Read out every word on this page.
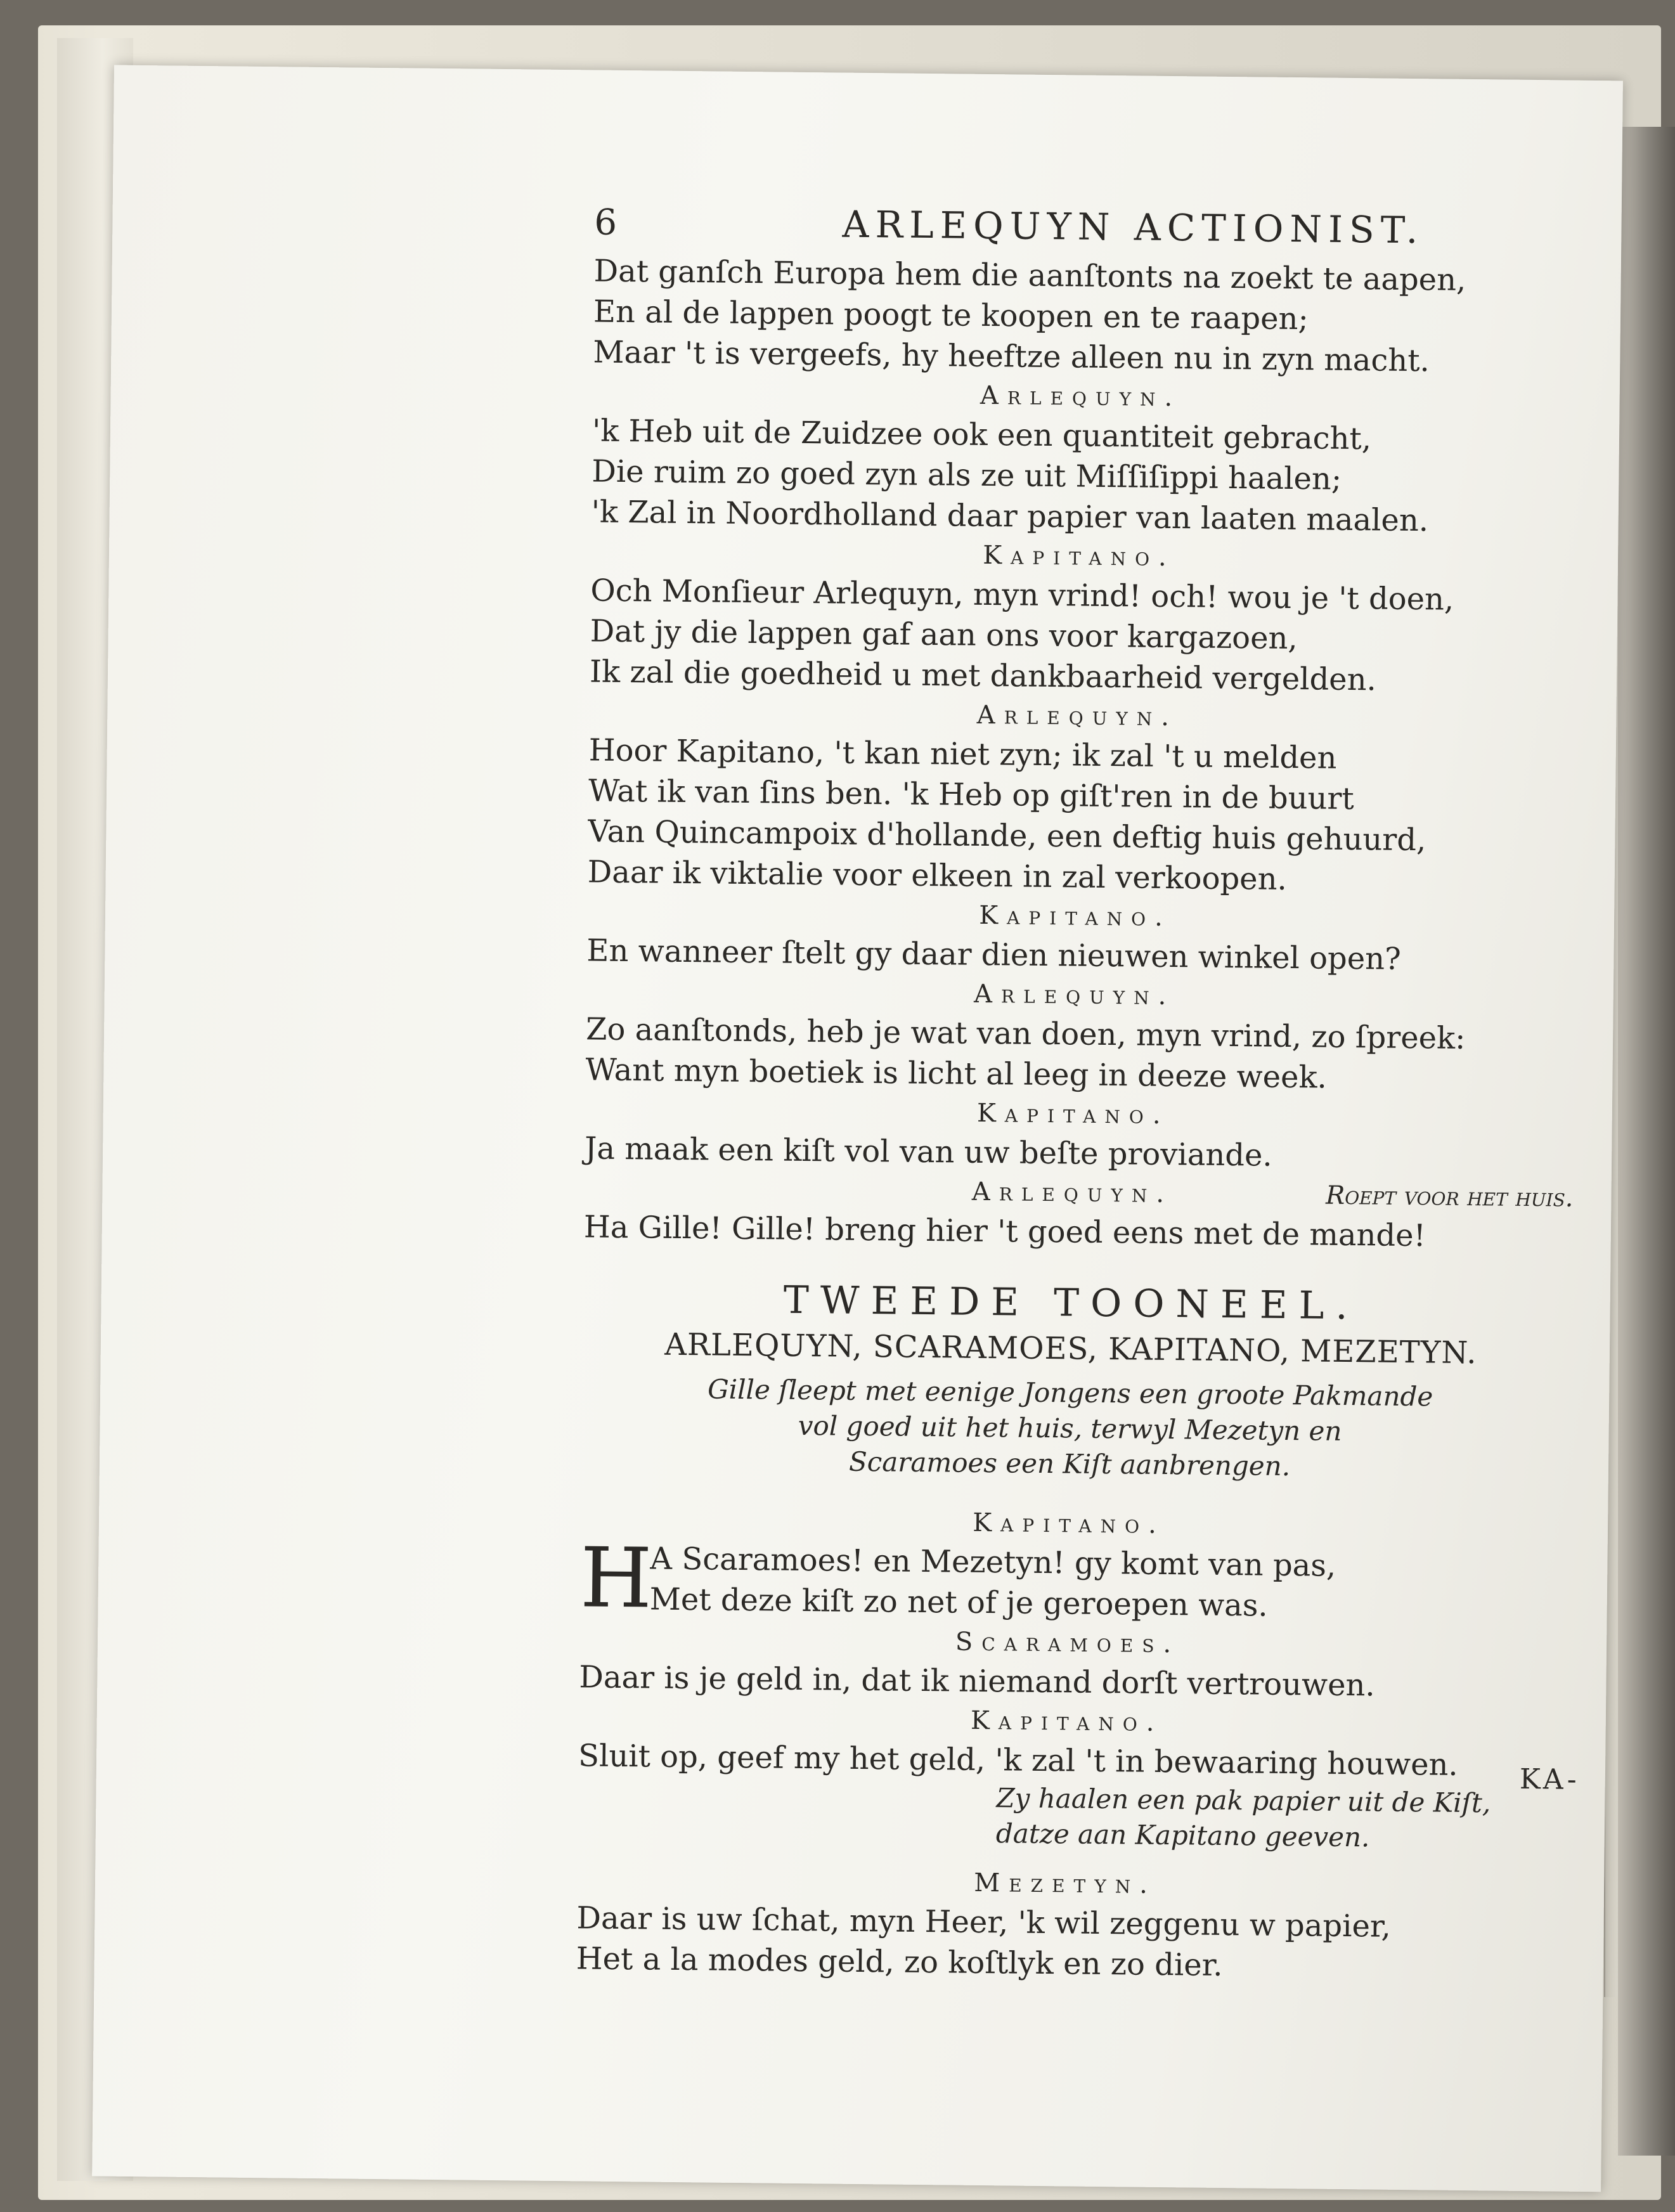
6	ARLEQUYN ACTIONIST.
Dat ganſch Europa hem die aanſtonts na zoekt te aapen,
En al de lappen poogt te koopen en te raapen;
Maar 't is vergeefs, hy heeftze alleen nu in zyn macht.
Arlequyn.
'k Heb uit de Zuidzee ook een quantiteit gebracht,
Die ruim zo goed zyn als ze uit Miſſiſippi haalen;
'k Zal in Noordholland daar papier van laaten maalen.
Kapitano.
Och Monſieur Arlequyn, myn vrind! och! wou je 't doen,
Dat jy die lappen gaf aan ons voor kargazoen,
Ik zal die goedheid u met dankbaarheid vergelden.
Arlequyn.
Hoor Kapitano, 't kan niet zyn; ik zal 't u melden
Wat ik van ſins ben. 'k Heb op giſt'ren in de buurt
Van Quincampoix d'hollande, een deftig huis gehuurd,
Daar ik viktalie voor elkeen in zal verkoopen.
Kapitano.
En wanneer ſtelt gy daar dien nieuwen winkel open?
Arlequyn.
Zo aanſtonds, heb je wat van doen, myn vrind, zo ſpreek:
Want myn boetiek is licht al leeg in deeze week.
Kapitano.
Ja maak een kiſt vol van uw beſte proviande.
Arlequyn.	Roept voor het huis.
Ha Gille! Gille! breng hier 't goed eens met de mande!
TWEEDE TOONEEL.
ARLEQUYN, SCARAMOES, KAPITANO, MEZETYN.
Gille ſleept met eenige Jongens een groote Pakmande
vol goed uit het huis, terwyl Mezetyn en
Scaramoes een Kiſt aanbrengen.
Kapitano.
H
A Scaramoes! en Mezetyn! gy komt van pas,
Met deze kiſt zo net of je geroepen was.
Scaramoes.
Daar is je geld in, dat ik niemand dorſt vertrouwen.
Kapitano.
Sluit op, geef my het geld, 'k zal 't in bewaaring houwen.
Zy haalen een pak papier uit de Kiſt,
datze aan Kapitano geeven.
Mezetyn.
Daar is uw ſchat, myn Heer, 'k wil zeggenu w papier,
Het a la modes geld, zo koſtlyk en zo dier.
KA-
